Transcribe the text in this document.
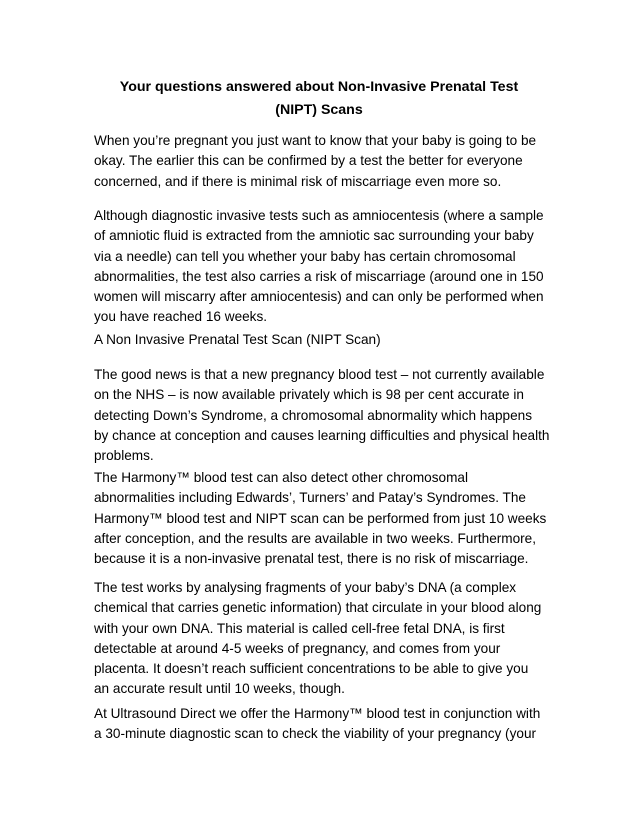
Your questions answered about Non-Invasive Prenatal Test
(NIPT) Scans

When you’re pregnant you just want to know that your baby is going to be
okay. The earlier this can be confirmed by a test the better for everyone
concerned, and if there is minimal risk of miscarriage even more so.

Although diagnostic invasive tests such as amniocentesis (where a sample
of amniotic fluid is extracted from the amniotic sac surrounding your baby
via a needle) can tell you whether your baby has certain chromosomal
abnormalities, the test also carries a risk of miscarriage (around one in 150
women will miscarry after amniocentesis) and can only be performed when
you have reached 16 weeks.

A Non Invasive Prenatal Test Scan (NIPT Scan)

The good news is that a new pregnancy blood test – not currently available
on the NHS – is now available privately which is 98 per cent accurate in
detecting Down’s Syndrome, a chromosomal abnormality which happens
by chance at conception and causes learning difficulties and physical health
problems.

The Harmony™ blood test can also detect other chromosomal
abnormalities including Edwards’, Turners’ and Patay’s Syndromes. The
Harmony™ blood test and NIPT scan can be performed from just 10 weeks
after conception, and the results are available in two weeks. Furthermore,
because it is a non-invasive prenatal test, there is no risk of miscarriage.

The test works by analysing fragments of your baby’s DNA (a complex
chemical that carries genetic information) that circulate in your blood along
with your own DNA. This material is called cell-free fetal DNA, is first
detectable at around 4-5 weeks of pregnancy, and comes from your
placenta. It doesn’t reach sufficient concentrations to be able to give you
an accurate result until 10 weeks, though.

At Ultrasound Direct we offer the Harmony™ blood test in conjunction with
a 30-minute diagnostic scan to check the viability of your pregnancy (your
